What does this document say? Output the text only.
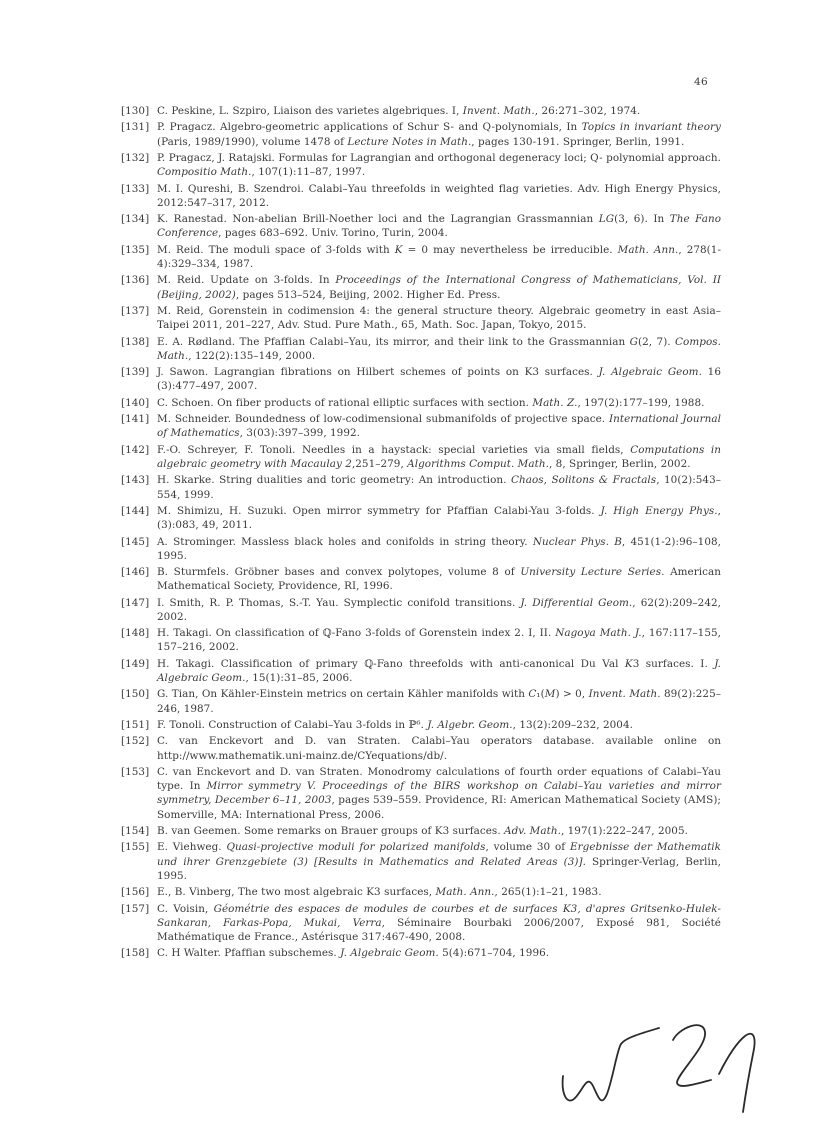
46
[130] C. Peskine, L. Szpiro, Liaison des varietes algebriques. I, Invent. Math., 26:271–302, 1974.
[131] P. Pragacz. Algebro-geometric applications of Schur S- and Q-polynomials, In Topics in invariant theory (Paris, 1989/1990), volume 1478 of Lecture Notes in Math., pages 130-191. Springer, Berlin, 1991.
[132] P. Pragacz, J. Ratajski. Formulas for Lagrangian and orthogonal degeneracy loci; Q- polynomial approach. Compositio Math., 107(1):11–87, 1997.
[133] M. I. Qureshi, B. Szendroi. Calabi–Yau threefolds in weighted flag varieties. Adv. High Energy Physics, 2012:547–317, 2012.
[134] K. Ranestad. Non-abelian Brill-Noether loci and the Lagrangian Grassmannian LG(3, 6). In The Fano Conference, pages 683–692. Univ. Torino, Turin, 2004.
[135] M. Reid. The moduli space of 3-folds with K = 0 may nevertheless be irreducible. Math. Ann., 278(1-4):329–334, 1987.
[136] M. Reid. Update on 3-folds. In Proceedings of the International Congress of Mathematicians, Vol. II (Beijing, 2002), pages 513–524, Beijing, 2002. Higher Ed. Press.
[137] M. Reid, Gorenstein in codimension 4: the general structure theory. Algebraic geometry in east Asia–Taipei 2011, 201–227, Adv. Stud. Pure Math., 65, Math. Soc. Japan, Tokyo, 2015.
[138] E. A. Rødland. The Pfaffian Calabi–Yau, its mirror, and their link to the Grassmannian G(2, 7). Compos. Math., 122(2):135–149, 2000.
[139] J. Sawon. Lagrangian fibrations on Hilbert schemes of points on K3 surfaces. J. Algebraic Geom. 16 (3):477–497, 2007.
[140] C. Schoen. On fiber products of rational elliptic surfaces with section. Math. Z., 197(2):177–199, 1988.
[141] M. Schneider. Boundedness of low-codimensional submanifolds of projective space. International Journal of Mathematics, 3(03):397–399, 1992.
[142] F.-O. Schreyer, F. Tonoli. Needles in a haystack: special varieties via small fields, Computations in algebraic geometry with Macaulay 2,251–279, Algorithms Comput. Math., 8, Springer, Berlin, 2002.
[143] H. Skarke. String dualities and toric geometry: An introduction. Chaos, Solitons & Fractals, 10(2):543–554, 1999.
[144] M. Shimizu, H. Suzuki. Open mirror symmetry for Pfaffian Calabi-Yau 3-folds. J. High Energy Phys., (3):083, 49, 2011.
[145] A. Strominger. Massless black holes and conifolds in string theory. Nuclear Phys. B, 451(1-2):96–108, 1995.
[146] B. Sturmfels. Gröbner bases and convex polytopes, volume 8 of University Lecture Series. American Mathematical Society, Providence, RI, 1996.
[147] I. Smith, R. P. Thomas, S.-T. Yau. Symplectic conifold transitions. J. Differential Geom., 62(2):209–242, 2002.
[148] H. Takagi. On classification of ℚ-Fano 3-folds of Gorenstein index 2. I, II. Nagoya Math. J., 167:117–155, 157–216, 2002.
[149] H. Takagi. Classification of primary ℚ-Fano threefolds with anti-canonical Du Val K3 surfaces. I. J. Algebraic Geom., 15(1):31–85, 2006.
[150] G. Tian, On Kähler-Einstein metrics on certain Kähler manifolds with C₁(M) > 0, Invent. Math. 89(2):225–246, 1987.
[151] F. Tonoli. Construction of Calabi–Yau 3-folds in ℙ⁶. J. Algebr. Geom., 13(2):209–232, 2004.
[152] C. van Enckevort and D. van Straten. Calabi–Yau operators database. available online on http://www.mathematik.uni-mainz.de/CYequations/db/.
[153] C. van Enckevort and D. van Straten. Monodromy calculations of fourth order equations of Calabi–Yau type. In Mirror symmetry V. Proceedings of the BIRS workshop on Calabi–Yau varieties and mirror symmetry, December 6–11, 2003, pages 539–559. Providence, RI: American Mathematical Society (AMS); Somerville, MA: International Press, 2006.
[154] B. van Geemen. Some remarks on Brauer groups of K3 surfaces. Adv. Math., 197(1):222–247, 2005.
[155] E. Viehweg. Quasi-projective moduli for polarized manifolds, volume 30 of Ergebnisse der Mathematik und ihrer Grenzgebiete (3) [Results in Mathematics and Related Areas (3)]. Springer-Verlag, Berlin, 1995.
[156] E., B. Vinberg, The two most algebraic K3 surfaces, Math. Ann., 265(1):1–21, 1983.
[157] C. Voisin, Géométrie des espaces de modules de courbes et de surfaces K3, d'apres Gritsenko-Hulek-Sankaran, Farkas-Popa, Mukai, Verra, Séminaire Bourbaki 2006/2007, Exposé 981, Société Mathématique de France., Astérisque 317:467-490, 2008.
[158] C. H Walter. Pfaffian subschemes. J. Algebraic Geom. 5(4):671–704, 1996.
